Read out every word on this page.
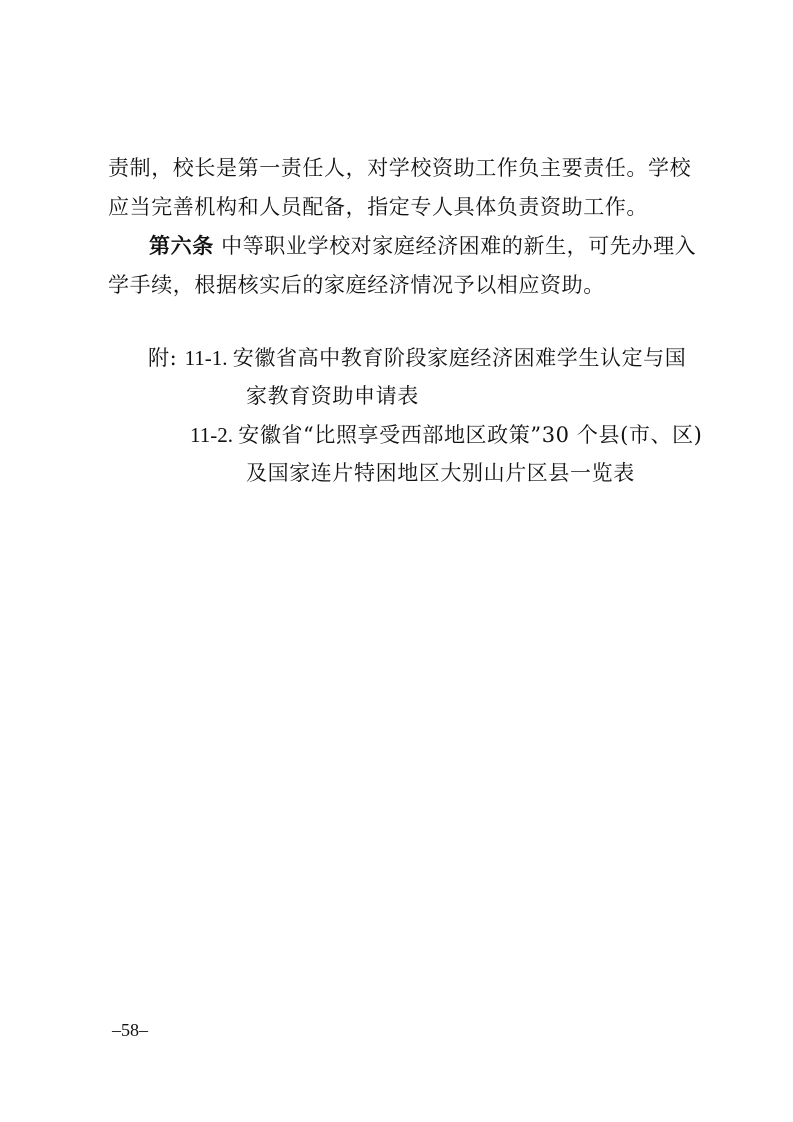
责制，校长是第一责任人，对学校资助工作负主要责任。学校
应当完善机构和人员配备，指定专人具体负责资助工作。
第六条 中等职业学校对家庭经济困难的新生，可先办理入
学手续，根据核实后的家庭经济情况予以相应资助。
附: 11-1. 安徽省高中教育阶段家庭经济困难学生认定与国
家教育资助申请表
11-2. 安徽省“比照享受西部地区政策”30 个县(市、区)
及国家连片特困地区大别山片区县一览表
–58–
